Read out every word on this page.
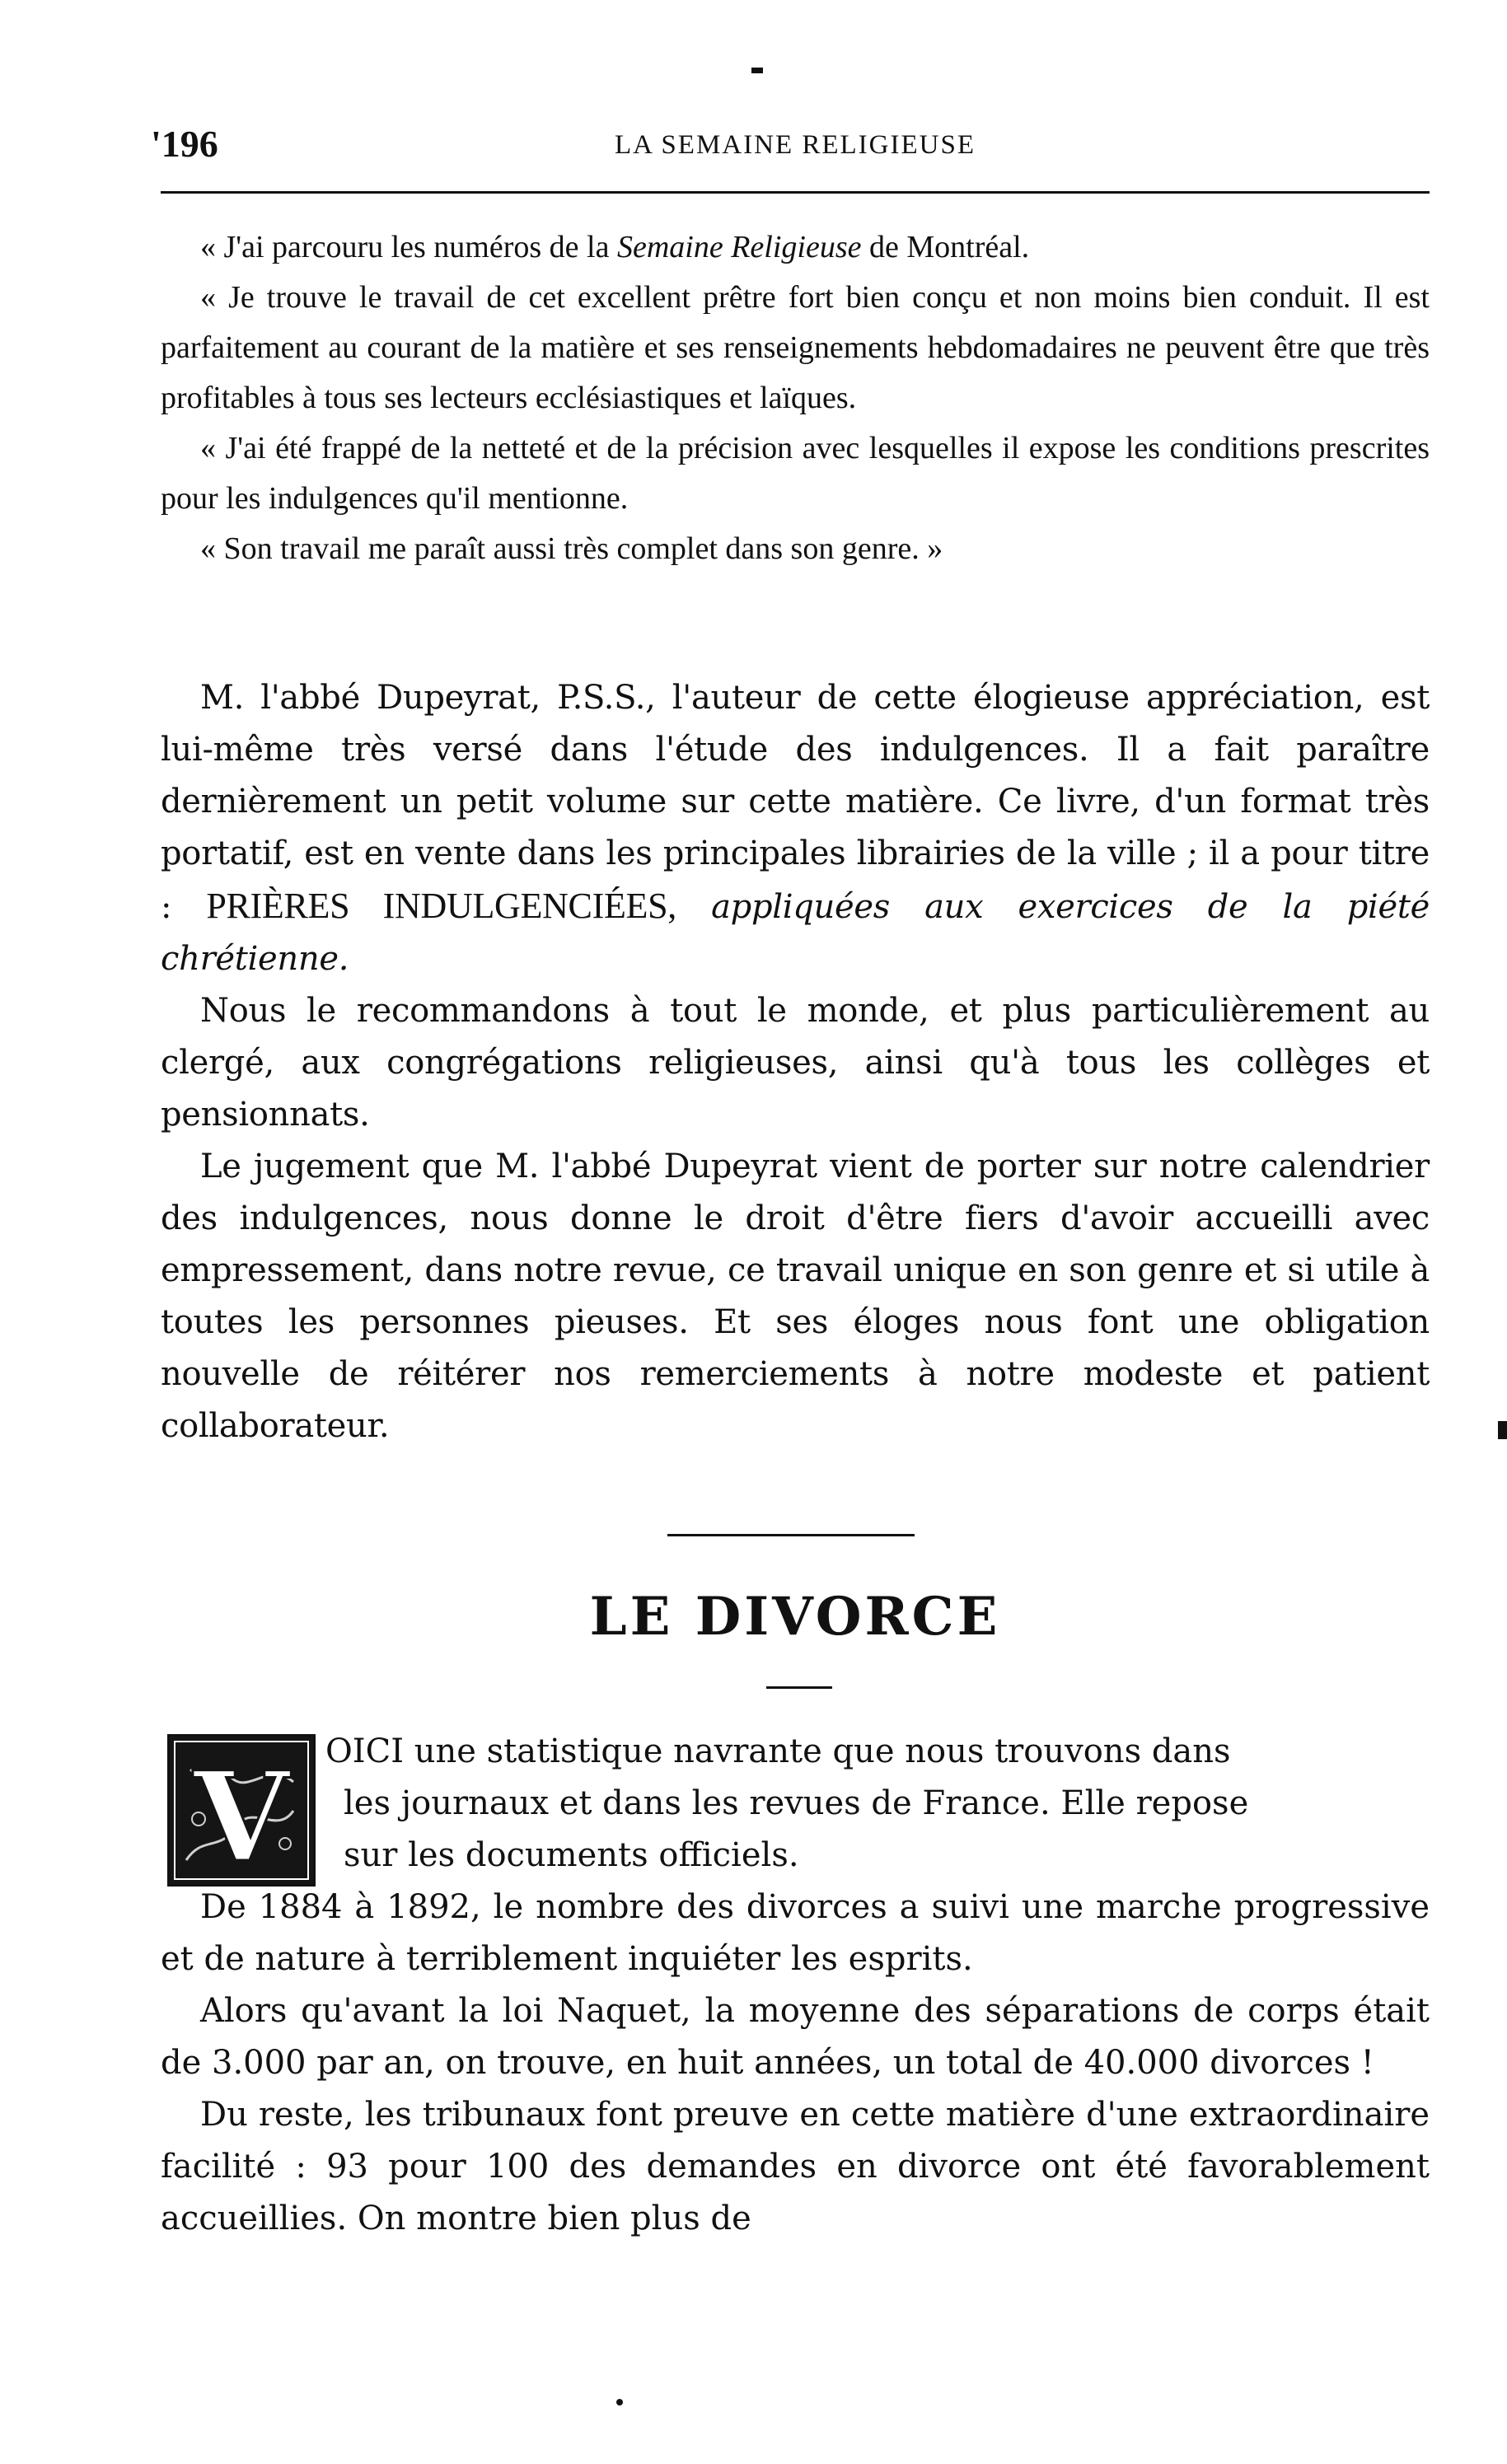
'196	LA SEMAINE RELIGIEUSE

« J'ai parcouru les numéros de la Semaine Religieuse de Montréal.

« Je trouve le travail de cet excellent prêtre fort bien conçu et non moins bien conduit. Il est parfaitement au courant de la matière et ses renseignements hebdomadaires ne peuvent être que très profitables à tous ses lecteurs ecclésiastiques et laïques.

« J'ai été frappé de la netteté et de la précision avec lesquelles il expose les conditions prescrites pour les indulgences qu'il mentionne.

« Son travail me paraît aussi très complet dans son genre. »

M. l'abbé Dupeyrat, P.S.S., l'auteur de cette élogieuse appréciation, est lui-même très versé dans l'étude des indulgences. Il a fait paraître dernièrement un petit volume sur cette matière. Ce livre, d'un format très portatif, est en vente dans les principales librairies de la ville ; il a pour titre : PRIÈRES INDULGENCIÉES, appliquées aux exercices de la piété chrétienne.

Nous le recommandons à tout le monde, et plus particulièrement au clergé, aux congrégations religieuses, ainsi qu'à tous les collèges et pensionnats.

Le jugement que M. l'abbé Dupeyrat vient de porter sur notre calendrier des indulgences, nous donne le droit d'être fiers d'avoir accueilli avec empressement, dans notre revue, ce travail unique en son genre et si utile à toutes les personnes pieuses. Et ses éloges nous font une obligation nouvelle de réitérer nos remerciements à notre modeste et patient collaborateur.

LE DIVORCE
V OICI une statistique navrante que nous trouvons dans

les journaux et dans les revues de France. Elle repose

sur les documents officiels.

De 1884 à 1892, le nombre des divorces a suivi une marche progressive et de nature à terriblement inquiéter les esprits.

Alors qu'avant la loi Naquet, la moyenne des séparations de corps était de 3.000 par an, on trouve, en huit années, un total de 40.000 divorces !

Du reste, les tribunaux font preuve en cette matière d'une extraordinaire facilité : 93 pour 100 des demandes en divorce ont été favorablement accueillies. On montre bien plus de
